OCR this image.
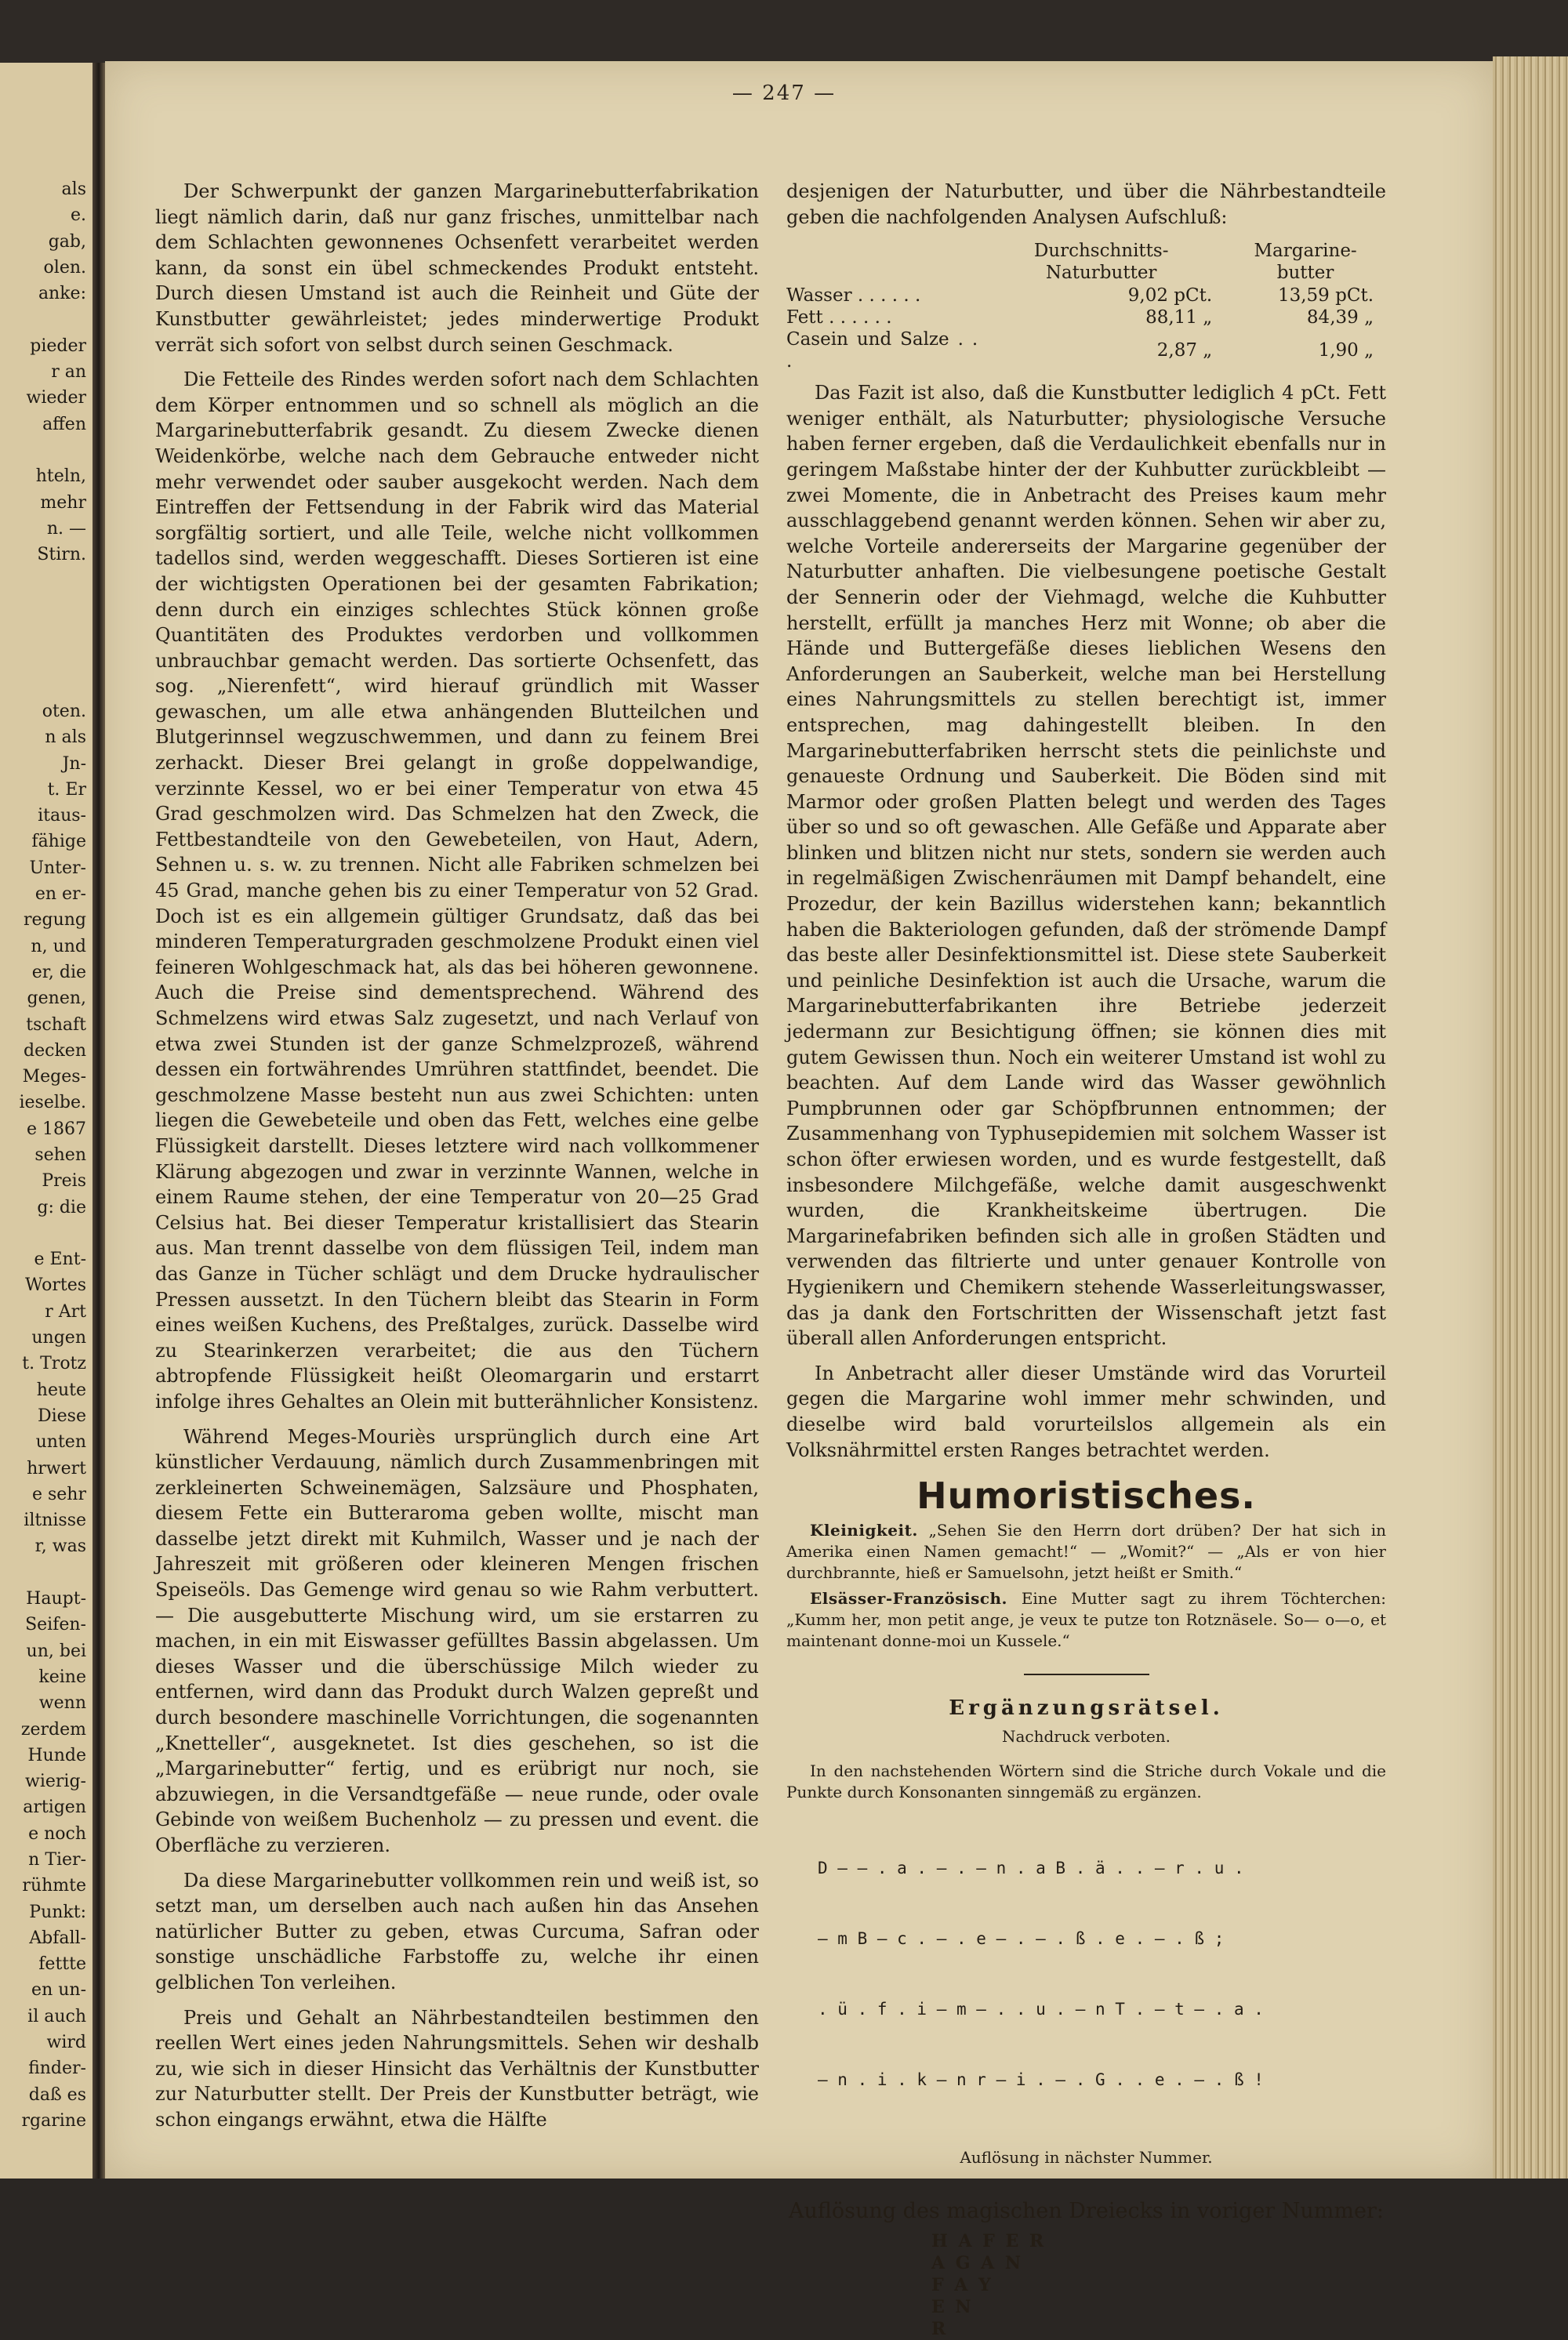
als
e.
gab,
olen.
anke:

pieder
r an
wieder
affen

hteln,
mehr
n. —
Stirn.

oten.
n als
Jn-
t. Er
itaus-
fähige
Unter-
en er-
regung
n, und
er, die
genen,
tschaft
decken
Meges-
ieselbe.
e 1867
sehen
Preis
g: die

e Ent-
Wortes
r Art
ungen
t. Trotz
heute
Diese
unten
hrwert
e sehr
iltnisse
r, was

Haupt-
Seifen-
un, bei
keine
wenn
zerdem
Hunde
wierig-
artigen
e noch
n Tier-
rühmte
Punkt:
Abfall-
fettte
en un-
il auch
wird
finder-
daß es
rgarine
— 247 —

Der Schwerpunkt der ganzen Margarinebutterfabrikation liegt nämlich darin, daß nur ganz frisches, unmittelbar nach dem Schlachten gewonnenes Ochsenfett verarbeitet werden kann, da sonst ein übel schmeckendes Produkt entsteht. Durch diesen Umstand ist auch die Reinheit und Güte der Kunstbutter gewährleistet; jedes minderwertige Produkt verrät sich sofort von selbst durch seinen Geschmack.

Die Fetteile des Rindes werden sofort nach dem Schlachten dem Körper entnommen und so schnell als möglich an die Margarinebutterfabrik gesandt. Zu diesem Zwecke dienen Weidenkörbe, welche nach dem Gebrauche entweder nicht mehr verwendet oder sauber ausgekocht werden. Nach dem Eintreffen der Fettsendung in der Fabrik wird das Material sorgfältig sortiert, und alle Teile, welche nicht vollkommen tadellos sind, werden weggeschafft. Dieses Sortieren ist eine der wichtigsten Operationen bei der gesamten Fabrikation; denn durch ein einziges schlechtes Stück können große Quantitäten des Produktes verdorben und vollkommen unbrauchbar gemacht werden. Das sortierte Ochsenfett, das sog. „Nierenfett“, wird hierauf gründlich mit Wasser gewaschen, um alle etwa anhängenden Blutteilchen und Blutgerinnsel wegzuschwemmen, und dann zu feinem Brei zerhackt. Dieser Brei gelangt in große doppelwandige, verzinnte Kessel, wo er bei einer Temperatur von etwa 45 Grad geschmolzen wird. Das Schmelzen hat den Zweck, die Fettbestandteile von den Gewebeteilen, von Haut, Adern, Sehnen u. s. w. zu trennen. Nicht alle Fabriken schmelzen bei 45 Grad, manche gehen bis zu einer Temperatur von 52 Grad. Doch ist es ein allgemein gültiger Grundsatz, daß das bei minderen Temperaturgraden geschmolzene Produkt einen viel feineren Wohlgeschmack hat, als das bei höheren gewonnene. Auch die Preise sind dementsprechend. Während des Schmelzens wird etwas Salz zugesetzt, und nach Verlauf von etwa zwei Stunden ist der ganze Schmelzprozeß, während dessen ein fortwährendes Umrühren stattfindet, beendet. Die geschmolzene Masse besteht nun aus zwei Schichten: unten liegen die Gewebeteile und oben das Fett, welches eine gelbe Flüssigkeit darstellt. Dieses letztere wird nach vollkommener Klärung abgezogen und zwar in verzinnte Wannen, welche in einem Raume stehen, der eine Temperatur von 20—25 Grad Celsius hat. Bei dieser Temperatur kristallisiert das Stearin aus. Man trennt dasselbe von dem flüssigen Teil, indem man das Ganze in Tücher schlägt und dem Drucke hydraulischer Pressen aussetzt. In den Tüchern bleibt das Stearin in Form eines weißen Kuchens, des Preßtalges, zurück. Dasselbe wird zu Stearinkerzen verarbeitet; die aus den Tüchern abtropfende Flüssigkeit heißt Oleomargarin und erstarrt infolge ihres Gehaltes an Olein mit butterähnlicher Konsistenz.

Während Meges-Mouriès ursprünglich durch eine Art künstlicher Verdauung, nämlich durch Zusammenbringen mit zerkleinerten Schweinemägen, Salzsäure und Phosphaten, diesem Fette ein Butteraroma geben wollte, mischt man dasselbe jetzt direkt mit Kuhmilch, Wasser und je nach der Jahreszeit mit größeren oder kleineren Mengen frischen Speiseöls. Das Gemenge wird genau so wie Rahm verbuttert. — Die ausgebutterte Mischung wird, um sie erstarren zu machen, in ein mit Eiswasser gefülltes Bassin abgelassen. Um dieses Wasser und die überschüssige Milch wieder zu entfernen, wird dann das Produkt durch Walzen gepreßt und durch besondere maschinelle Vorrichtungen, die sogenannten „Knetteller“, ausgeknetet. Ist dies geschehen, so ist die „Margarinebutter“ fertig, und es erübrigt nur noch, sie abzuwiegen, in die Versandtgefäße — neue runde, oder ovale Gebinde von weißem Buchenholz — zu pressen und event. die Oberfläche zu verzieren.

Da diese Margarinebutter vollkommen rein und weiß ist, so setzt man, um derselben auch nach außen hin das Ansehen natürlicher Butter zu geben, etwas Curcuma, Safran oder sonstige unschädliche Farbstoffe zu, welche ihr einen gelblichen Ton verleihen.

Preis und Gehalt an Nährbestandteilen bestimmen den reellen Wert eines jeden Nahrungsmittels. Sehen wir deshalb zu, wie sich in dieser Hinsicht das Verhältnis der Kunstbutter zur Naturbutter stellt. Der Preis der Kunstbutter beträgt, wie schon eingangs erwähnt, etwa die Hälfte

desjenigen der Naturbutter, und über die Nährbestandteile geben die nachfolgenden Analysen Aufschluß:

	Durchschnitts-Naturbutter	Margarine-butter
Wasser . . . . . .	9,02 pCt.	13,59 pCt.
Fett . . . . . .	88,11 „	84,39 „
Casein und Salze . . .	2,87 „	1,90 „

Das Fazit ist also, daß die Kunstbutter lediglich 4 pCt. Fett weniger enthält, als Naturbutter; physiologische Versuche haben ferner ergeben, daß die Verdaulichkeit ebenfalls nur in geringem Maßstabe hinter der der Kuhbutter zurückbleibt — zwei Momente, die in Anbetracht des Preises kaum mehr ausschlaggebend genannt werden können. Sehen wir aber zu, welche Vorteile andererseits der Margarine gegenüber der Naturbutter anhaften. Die vielbesungene poetische Gestalt der Sennerin oder der Viehmagd, welche die Kuhbutter herstellt, erfüllt ja manches Herz mit Wonne; ob aber die Hände und Buttergefäße dieses lieblichen Wesens den Anforderungen an Sauberkeit, welche man bei Herstellung eines Nahrungsmittels zu stellen berechtigt ist, immer entsprechen, mag dahingestellt bleiben. In den Margarinebutterfabriken herrscht stets die peinlichste und genaueste Ordnung und Sauberkeit. Die Böden sind mit Marmor oder großen Platten belegt und werden des Tages über so und so oft gewaschen. Alle Gefäße und Apparate aber blinken und blitzen nicht nur stets, sondern sie werden auch in regelmäßigen Zwischenräumen mit Dampf behandelt, eine Prozedur, der kein Bazillus widerstehen kann; bekanntlich haben die Bakteriologen gefunden, daß der strömende Dampf das beste aller Desinfektionsmittel ist. Diese stete Sauberkeit und peinliche Desinfektion ist auch die Ursache, warum die Margarinebutterfabrikanten ihre Betriebe jederzeit jedermann zur Besichtigung öffnen; sie können dies mit gutem Gewissen thun. Noch ein weiterer Umstand ist wohl zu beachten. Auf dem Lande wird das Wasser gewöhnlich Pumpbrunnen oder gar Schöpfbrunnen entnommen; der Zusammenhang von Typhusepidemien mit solchem Wasser ist schon öfter erwiesen worden, und es wurde festgestellt, daß insbesondere Milchgefäße, welche damit ausgeschwenkt wurden, die Krankheitskeime übertrugen. Die Margarinefabriken befinden sich alle in großen Städten und verwenden das filtrierte und unter genauer Kontrolle von Hygienikern und Chemikern stehende Wasserleitungswasser, das ja dank den Fortschritten der Wissenschaft jetzt fast überall allen Anforderungen entspricht.

In Anbetracht aller dieser Umstände wird das Vorurteil gegen die Margarine wohl immer mehr schwinden, und dieselbe wird bald vorurteilslos allgemein als ein Volksnährmittel ersten Ranges betrachtet werden.

Humoristisches.

Kleinigkeit. „Sehen Sie den Herrn dort drüben? Der hat sich in Amerika einen Namen gemacht!“ — „Womit?“ — „Als er von hier durchbrannte, hieß er Samuelsohn, jetzt heißt er Smith.“

Elsässer-Französisch. Eine Mutter sagt zu ihrem Töchterchen: „Kumm her, mon petit ange, je veux te putze ton Rotznäsele. So— o—o, et maintenant donne-moi un Kussele.“

Ergänzungsrätsel.
Nachdruck verboten.

In den nachstehenden Wörtern sind die Striche durch Vokale und die Punkte durch Konsonanten sinngemäß zu ergänzen.

D — — . a . — . — n . a B . ä . . — r . u .

— m B — c . — . e — . — . ß . e . — . ß ;

. ü . f . i — m — . . u . — n T . — t — . a .

— n . i . k — n r — i . — . G . . e . — . ß !

Auflösung in nächster Nummer.
Auflösung des magischen Dreiecks in voriger Nummer:
H A F E R
A G A N
F A Y
E N
R
